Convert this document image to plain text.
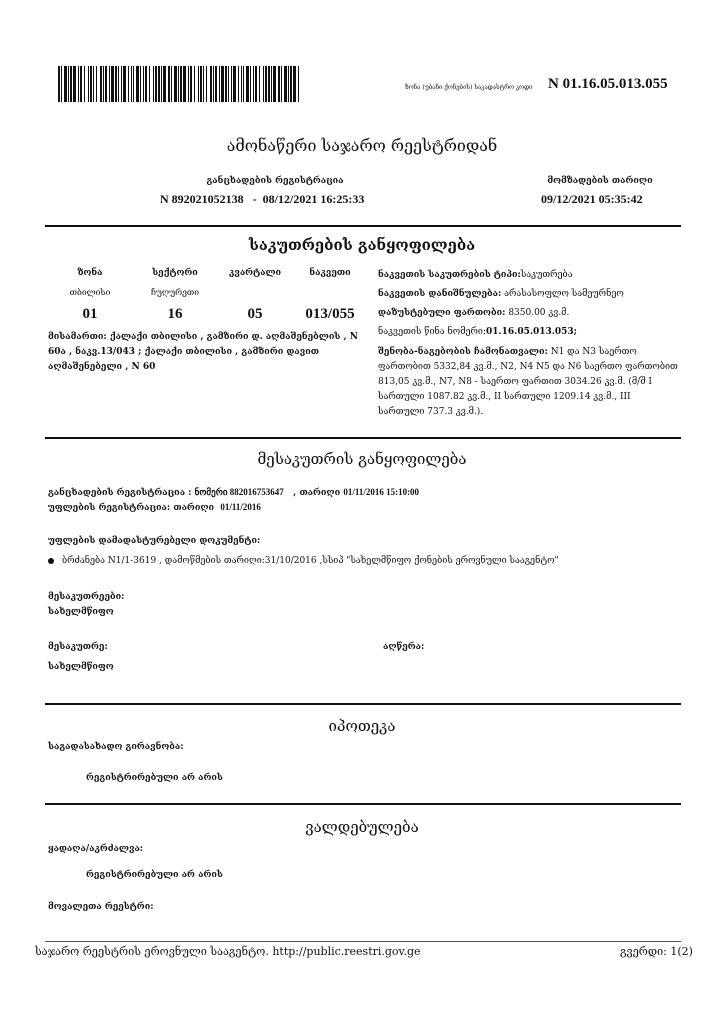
ზონა (უბანი ქონების) საკადასტრო კოდი	N 01.16.05.013.055
ამონაწერი საჯარო რეესტრიდან
განცხადების რეგისტრაცია
N 892021052138 - 08/12/2021 16:25:33
მომზადების თარიღი
09/12/2021 05:35:42
საკუთრების განყოფილება
ზონა	სექტორი	კვარტალი	ნაკვეთი
თბილისი	ჩუღურეთი
01	16	05	013/055
მისამართი: ქალაქი თბილისი , გამზირი დ. აღმაშენებლის , N 60ა , ნაკვ.13/043 ; ქალაქი თბილისი , გამზირი დავით აღმაშენებელი , N 60
ნაკვეთის საკუთრების ტიპი:საკუთრება
ნაკვეთის დანიშნულება: არასასოფლო სამეურნეო
დაზუსტებული ფართობი: 8350.00 კვ.მ.
ნაკვეთის წინა ნომერი:01.16.05.013.053;
შენობა-ნაგებობის ჩამონათვალი: N1 და N3 საერთო ფართობით 5332,84 კვ.მ., N2, N4 N5 და N6 საერთო ფართობით 813,05 კვ.მ., N7, N8 - საერთო ფართით 3034.26 კვ.მ. (მ/შ I სართული 1087.82 კვ.მ., II სართული 1209.14 კვ.მ., III სართული 737.3 კვ.მ.).
მესაკუთრის განყოფილება
განცხადების რეგისტრაცია : ნომერი 882016753647 , თარიღი 01/11/2016 15:10:00
უფლების რეგისტრაცია: თარიღი 01/11/2016
უფლების დამადასტურებელი დოკუმენტი:
ბრძანება N1/1-3619 , დამოწმების თარიღი:31/10/2016 ,სსიპ "სახელმწიფო ქონების ეროვნული სააგენტო"
მესაკუთრეები:
სახელმწიფო
მესაკუთრე:
სახელმწიფო
აღწერა:
იპოთეკა
საგადასახადო გირავნობა:
რეგისტრირებული არ არის
ვალდებულება
ყადაღა/აკრძალვა:
რეგისტრირებული არ არის
მოვალეთა რეესტრი:
საჯარო რეესტრის ეროვნული სააგენტო. http://public.reestri.gov.ge	გვერდი: 1(2)
